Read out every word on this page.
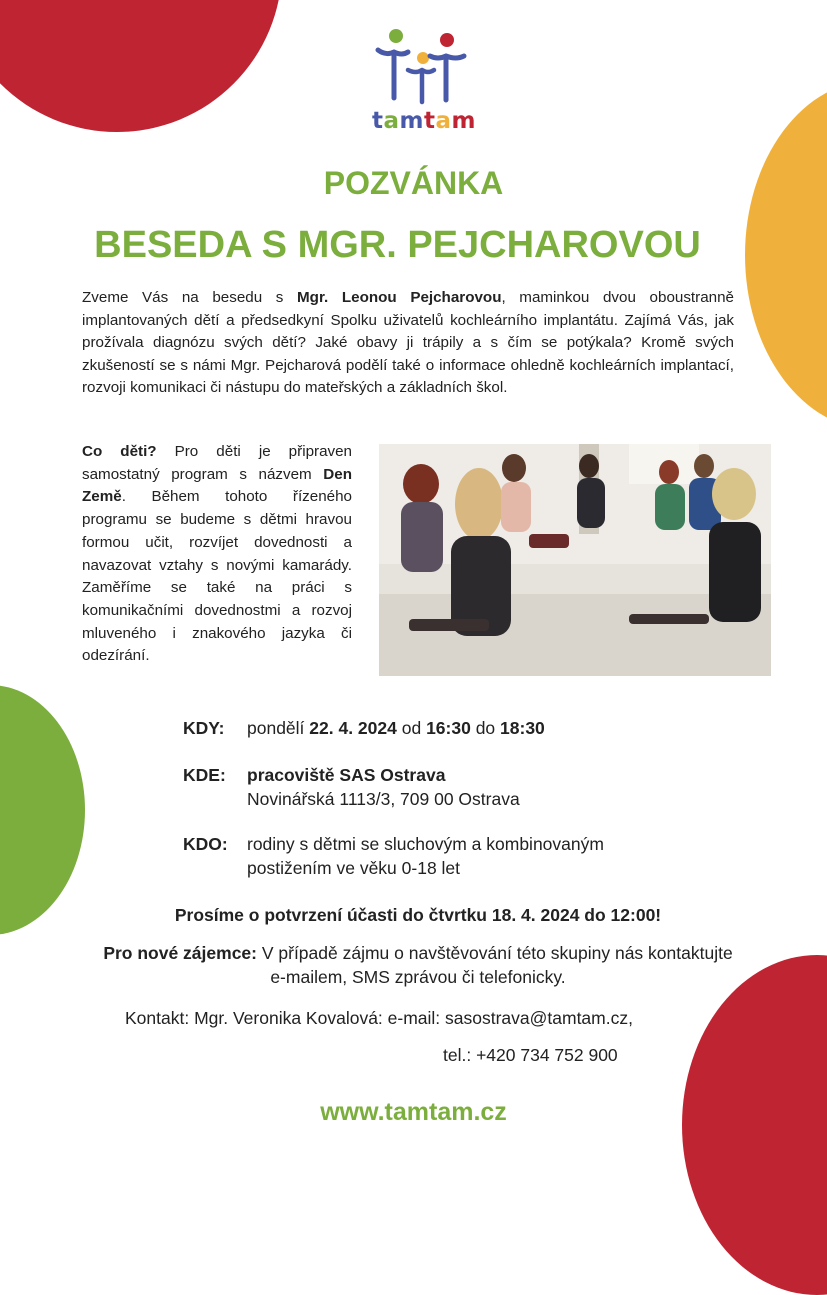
tamtam
POZVÁNKA
BESEDA S MGR. PEJCHAROVOU
Zveme Vás na besedu s Mgr. Leonou Pejcharovou, maminkou dvou oboustranně implantovaných dětí a předsedkyní Spolku uživatelů kochleárního implantátu. Zajímá Vás, jak prožívala diagnózu svých dětí? Jaké obavy ji trápily a s čím se potýkala? Kromě svých zkušeností se s námi Mgr. Pejcharová podělí také o informace ohledně kochleárních implantací, rozvoji komunikaci či nástupu do mateřských a základních škol.
Co děti? Pro děti je připraven samostatný program s názvem Den Země. Během tohoto řízeného programu se budeme s dětmi hravou formou učit, rozvíjet dovednosti a navazovat vztahy s novými kamarády. Zaměříme se také na práci s komunikačními dovednostmi a rozvoj mluveného i znakového jazyka či odezírání.
KDY: pondělí 22. 4. 2024 od 16:30 do 18:30
KDE: pracoviště SAS Ostrava
Novinářská 1113/3, 709 00 Ostrava
KDO: rodiny s dětmi se sluchovým a kombinovaným
postižením ve věku 0-18 let
Prosíme o potvrzení účasti do čtvrtku 18. 4. 2024 do 12:00!
Pro nové zájemce: V případě zájmu o navštěvování této skupiny nás kontaktujte e-mailem, SMS zprávou či telefonicky.
Kontakt: Mgr. Veronika Kovalová: e-mail: sasostrava@tamtam.cz,
tel.: +420 734 752 900
www.tamtam.cz
